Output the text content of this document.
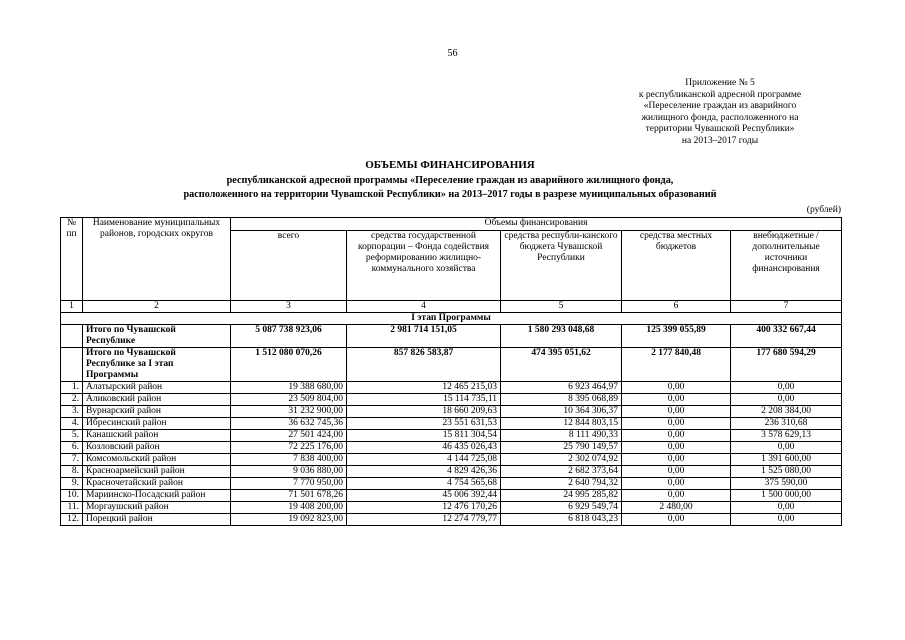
56
Приложение № 5
к республиканской адресной программе
«Переселение граждан из аварийного
жилищного фонда, расположенного на
территории Чувашской Республики»
на 2013–2017 годы
ОБЪЕМЫ ФИНАНСИРОВАНИЯ
республиканской адресной программы «Переселение граждан из аварийного жилищного фонда,
расположенного на территории Чувашской Республики» на 2013–2017 годы в разрезе муниципальных образований
(рублей)
№ пп	Наименование муниципальных районов, городских округов	Объемы финансирования				
		всего	средства государственной корпорации – Фонда содействия реформированию жилищно-коммунального хозяйства	средства республи-канского бюджета Чувашской Республики	средства местных бюджетов	внебюджетные / дополнительные источники финансирования
1	2	3	4	5	6	7
I этап Программы						
	Итого по Чувашской Республике	5 087 738 923,06	2 981 714 151,05	1 580 293 048,68	125 399 055,89	400 332 667,44
	Итого по Чувашской Республике за I этап Программы	1 512 080 070,26	857 826 583,87	474 395 051,62	2 177 840,48	177 680 594,29
1.	Алатырский район	19 388 680,00	12 465 215,03	6 923 464,97	0,00	0,00
2.	Аликовский район	23 509 804,00	15 114 735,11	8 395 068,89	0,00	0,00
3.	Вурнарский район	31 232 900,00	18 660 209,63	10 364 306,37	0,00	2 208 384,00
4.	Ибресинский район	36 632 745,36	23 551 631,53	12 844 803,15	0,00	236 310,68
5.	Канашский район	27 501 424,00	15 811 304,54	8 111 490,33	0,00	3 578 629,13
6.	Козловский район	72 225 176,00	46 435 026,43	25 790 149,57	0,00	0,00
7.	Комсомольский район	7 838 400,00	4 144 725,08	2 302 074,92	0,00	1 391 600,00
8.	Красноармейский район	9 036 880,00	4 829 426,36	2 682 373,64	0,00	1 525 080,00
9.	Красночетайский район	7 770 950,00	4 754 565,68	2 640 794,32	0,00	375 590,00
10.	Мариинско-Посадский район	71 501 678,26	45 006 392,44	24 995 285,82	0,00	1 500 000,00
11.	Моргаушский район	19 408 200,00	12 476 170,26	6 929 549,74	2 480,00	0,00
12.	Порецкий район	19 092 823,00	12 274 779,77	6 818 043,23	0,00	0,00
